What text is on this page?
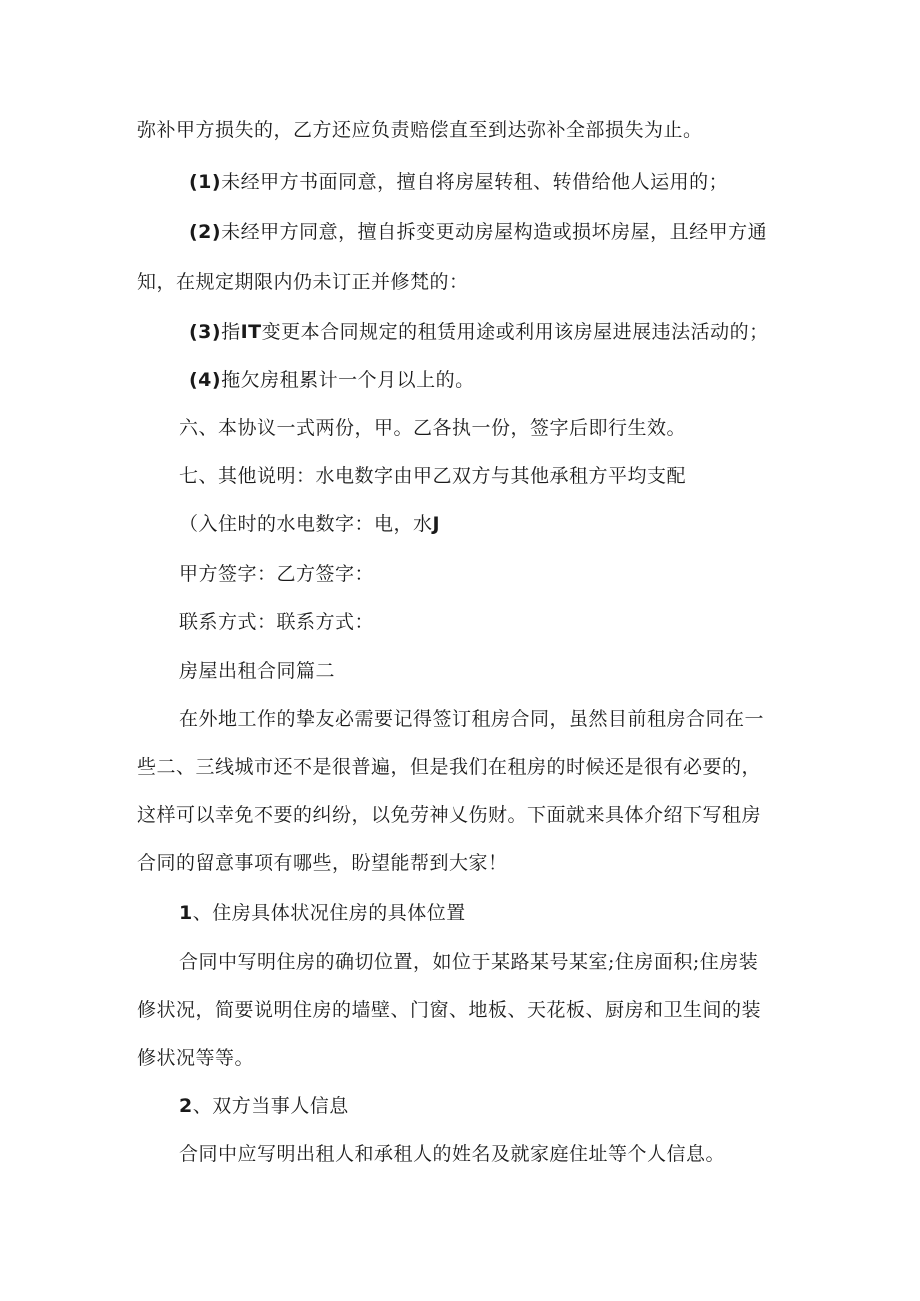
弥补甲方损失的，乙方还应负责赔偿直至到达弥补全部损失为止。
(1)未经甲方书面同意，擅自将房屋转租、转借给他人运用的；
(2)未经甲方同意，擅自拆变更动房屋构造或损坏房屋，且经甲方通
知，在规定期限内仍未订正并修梵的：
(3)指IT变更本合同规定的租赁用途或利用该房屋进展违法活动的；
(4)拖欠房租累计一个月以上的。
六、本协议一式两份，甲。乙各执一份，签字后即行生效。
七、其他说明：水电数字由甲乙双方与其他承租方平均支配
（入住时的水电数字：电，水J
甲方签字：乙方签字：
联系方式：联系方式：
房屋出租合同篇二
在外地工作的挚友必需要记得签订租房合同，虽然目前租房合同在一
些二、三线城市还不是很普遍，但是我们在租房的时候还是很有必要的，
这样可以幸免不要的纠纷，以免劳神乂伤财。下面就来具体介绍下写租房
合同的留意事项有哪些，盼望能帮到大家！
1、住房具体状况住房的具体位置
合同中写明住房的确切位置，如位于某路某号某室;住房面积;住房装
修状况，简要说明住房的墙壁、门窗、地板、天花板、厨房和卫生间的装
修状况等等。
2、双方当事人信息
合同中应写明出租人和承租人的姓名及就家庭住址等个人信息。
